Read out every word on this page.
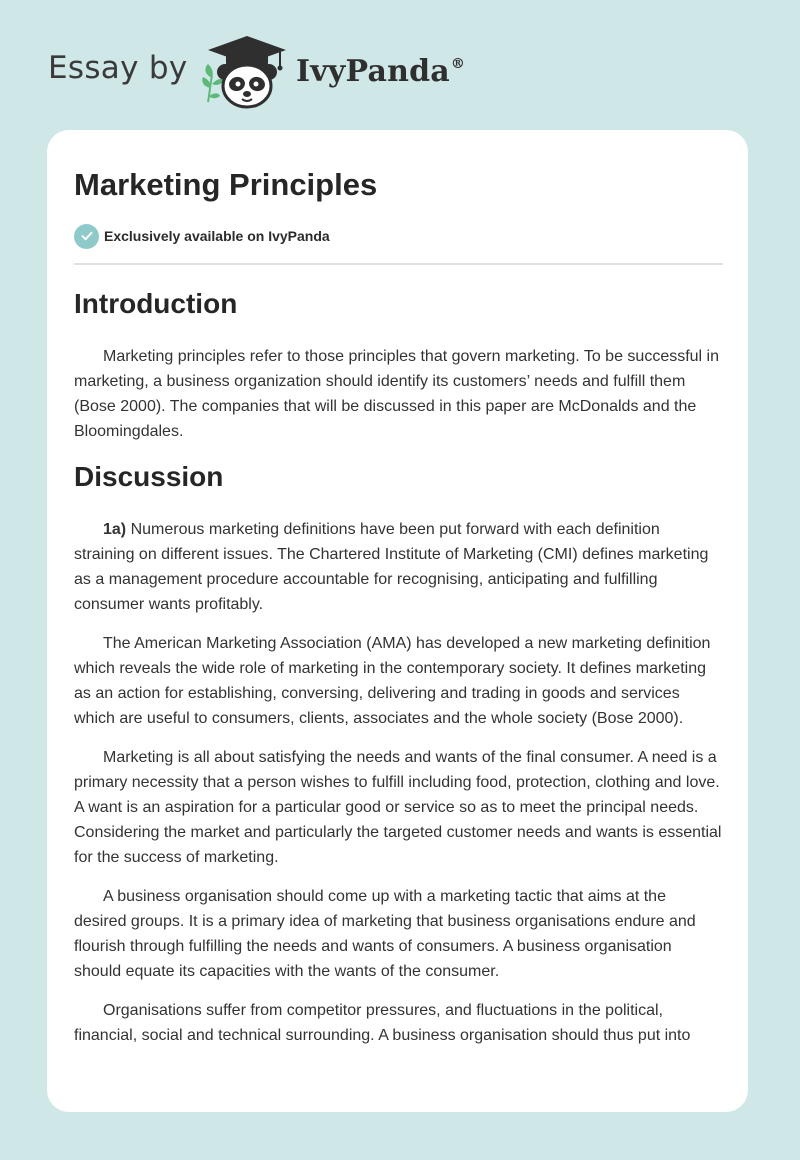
Essay by	IvyPanda®
Marketing Principles
Exclusively available on IvyPanda
Introduction

Marketing principles refer to those principles that govern marketing. To be successful in marketing, a business organization should identify its customers’ needs and fulfill them (Bose 2000). The companies that will be discussed in this paper are McDonalds and the Bloomingdales.

Discussion

1a) Numerous marketing definitions have been put forward with each definition straining on different issues. The Chartered Institute of Marketing (CMI) defines marketing as a management procedure accountable for recognising, anticipating and fulfilling consumer wants profitably.

The American Marketing Association (AMA) has developed a new marketing definition which reveals the wide role of marketing in the contemporary society. It defines marketing as an action for establishing, conversing, delivering and trading in goods and services which are useful to consumers, clients, associates and the whole society (Bose 2000).

Marketing is all about satisfying the needs and wants of the final consumer. A need is a primary necessity that a person wishes to fulfill including food, protection, clothing and love. A want is an aspiration for a particular good or service so as to meet the principal needs. Considering the market and particularly the targeted customer needs and wants is essential for the success of marketing.

A business organisation should come up with a marketing tactic that aims at the desired groups. It is a primary idea of marketing that business organisations endure and flourish through fulfilling the needs and wants of consumers. A business organisation should equate its capacities with the wants of the consumer.

Organisations suffer from competitor pressures, and fluctuations in the political, financial, social and technical surrounding. A business organisation should thus put into
